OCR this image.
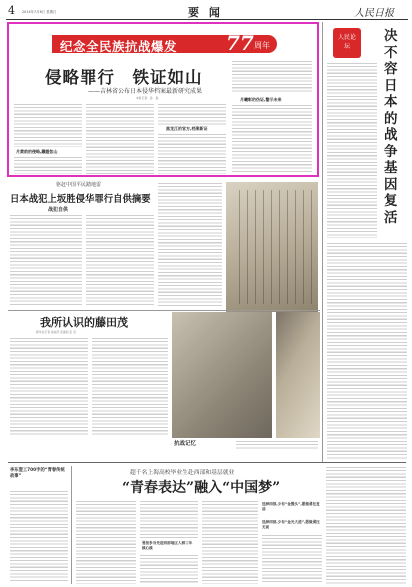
4 2014年7月6日 星期日	要 闻	人民日报
纪念全民族抗战爆发 77 周年
侵略罪行　铁证如山
——吉林省公布日本侵华档案最新研究成果
本报记者　孙　振
月黄前的侵略,鐵證如山
黑龙江的官方,档案新证
月曦彰的伪证,警示未来
人民论坛
决不容日本的战争基因复活
驱赶中国平民踏地雷
日本战犯上坂胜侵华罪行自供摘要
战犯自供
我所认识的藤田茂
新华社记者 孙丽萍 张建松 张 汨
抗战记忆
李东澄工700字的“青春传统故事”
超千名上海高校毕业生赴西部和基层就业
“青春表达”融入“中国梦”
要担争当先进西部地区人群三年核心核
选择西部,少有“金光大道”,愿做勇往无前
选择西部,少有“金馒头”,愿做勇往直前
